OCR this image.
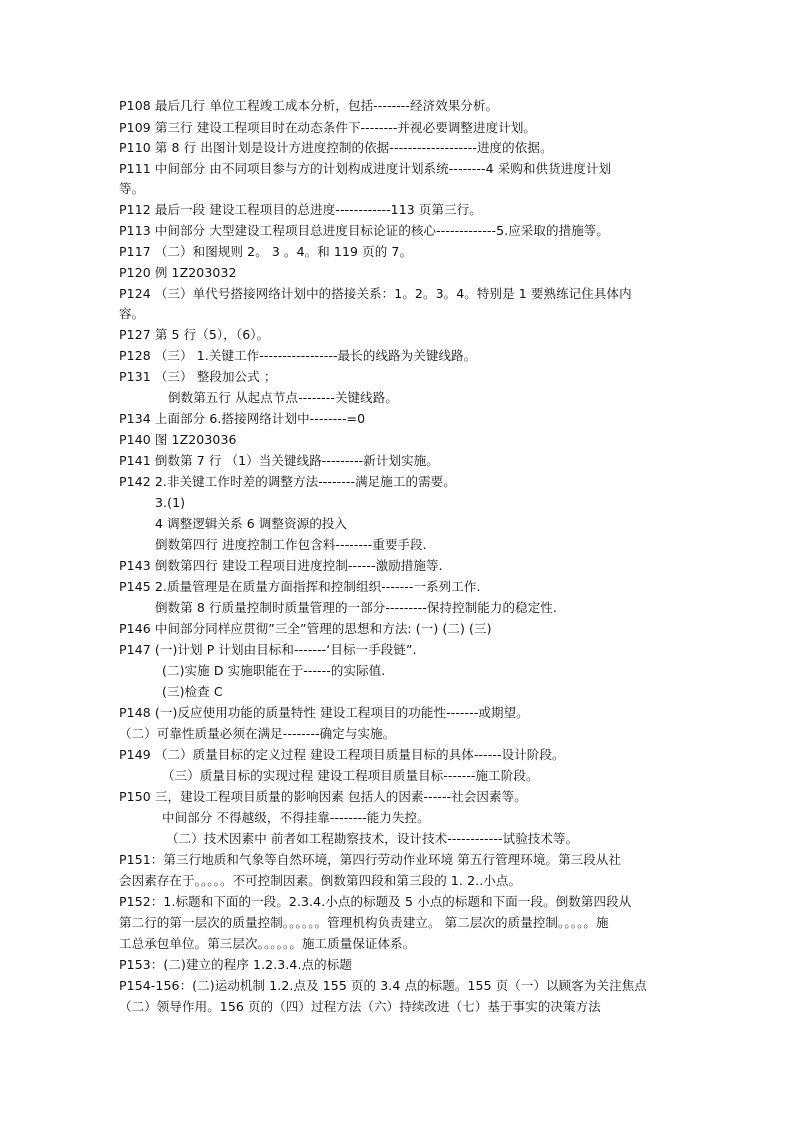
P108 最后几行 单位工程竣工成本分析，包括--------经济效果分析。
P109 第三行 建设工程项目时在动态条件下--------并视必要调整进度计划。
P110 第 8 行 出图计划是设计方进度控制的依据-------------------进度的依据。
P111 中间部分 由不同项目参与方的计划构成进度计划系统--------4 采购和供货进度计划
等。
P112 最后一段 建设工程项目的总进度------------113 页第三行。
P113 中间部分 大型建设工程项目总进度目标论证的核心-------------5.应采取的措施等。
P117 （二）和图规则 2。 3 。4。和 119 页的 7。
P120 例 1Z203032
P124 （三）单代号搭接网络计划中的搭接关系：1。2。3。4。特别是 1 要熟练记住具体内
容。
P127 第 5 行（5），（6）。
P128 （三） 1.关键工作-----------------最长的线路为关键线路。
P131 （三） 整段加公式 ；
倒数第五行 从起点节点--------关键线路。
P134 上面部分 6.搭接网络计划中--------=0
P140 图 1Z203036
P141 倒数第 7 行 （1）当关键线路---------新计划实施。
P142 2.非关键工作时差的调整方法--------满足施工的需要。
3.(1)
4 调整逻辑关系 6 调整资源的投入
倒数第四行 进度控制工作包含料--------重要手段.
P143 倒数第四行 建设工程项目进度控制------激励措施等.
P145 2.质量管理是在质量方面指挥和控制组织-------一系列工作.
倒数第 8 行质量控制时质量管理的一部分---------保持控制能力的稳定性.
P146 中间部分同样应贯彻”三全”管理的思想和方法: (一) (二) (三)
P147 (一)计划 P 计划由目标和-------‘目标一手段链”.
(二)实施 D 实施职能在于------的实际值.
(三)检查 C
P148 (一)反应使用功能的质量特性 建设工程项目的功能性-------或期望。
（二）可靠性质量必须在满足--------确定与实施。
P149 （二）质量目标的定义过程 建设工程项目质量目标的具体------设计阶段。
（三）质量目标的实现过程 建设工程项目质量目标-------施工阶段。
P150 三，建设工程项目质量的影响因素 包括人的因素------社会因素等。
中间部分 不得越级，不得挂靠--------能力失控。
（二）技术因素中 前者如工程勘察技术，设计技术------------试验技术等。
P151：第三行地质和气象等自然环境，第四行劳动作业环境 第五行管理环境。第三段从社
会因素存在于。。。。。不可控制因素。倒数第四段和第三段的 1. 2..小点。
P152：1.标题和下面的一段。2.3.4.小点的标题及 5 小点的标题和下面一段。倒数第四段从
第二行的第一层次的质量控制。。。。。。管理机构负责建立。 第二层次的质量控制。。。。。施
工总承包单位。第三层次。。。。。。施工质量保证体系。
P153：(二)建立的程序 1.2.3.4.点的标题
P154-156：(二)运动机制 1.2.点及 155 页的 3.4 点的标题。155 页（一）以顾客为关注焦点
（二）领导作用。156 页的（四）过程方法（六）持续改进（七）基于事实的决策方法
